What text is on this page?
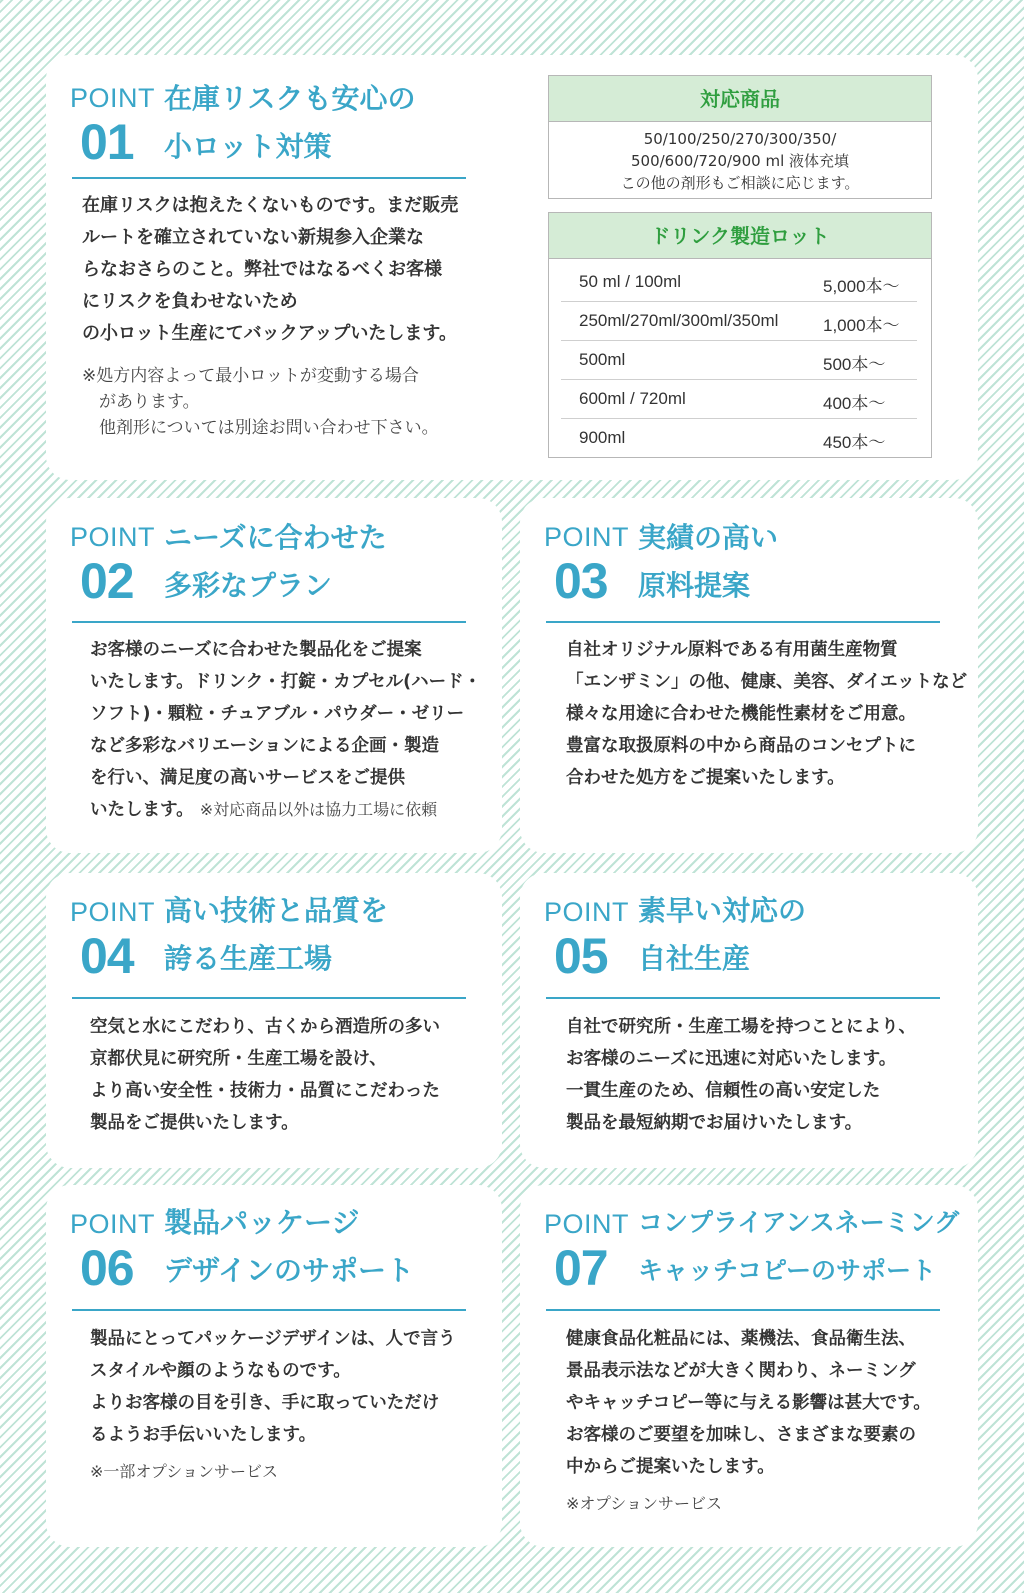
POINT
01
在庫リスクも安心の
小ロット対策
在庫リスクは抱えたくないものです。まだ販売
ルートを確立されていない新規参入企業な
らなおさらのこと。弊社ではなるべくお客様
にリスクを負わせないため
の小ロット生産にてバックアップいたします。
※処方内容よって最小ロットが変動する場合
　があります。
　他剤形については別途お問い合わせ下さい。
対応商品
50/100/250/270/300/350/
500/600/720/900 ml 液体充填
この他の剤形もご相談に応じます。
ドリンク製造ロット
50 ml / 100ml	5,000本〜
250ml/270ml/300ml/350ml	1,000本〜
500ml	500本〜
600ml / 720ml	400本〜
900ml	450本〜
POINT
02
ニーズに合わせた
多彩なプラン
お客様のニーズに合わせた製品化をご提案
いたします。ドリンク・打錠・カプセル(ハード・
ソフト)・顆粒・チュアブル・パウダー・ゼリー
など多彩なバリエーションによる企画・製造
を行い、満足度の高いサービスをご提供
いたします。 ※対応商品以外は協力工場に依頼
POINT
03
実績の高い
原料提案
自社オリジナル原料である有用菌生産物質
「エンザミン」の他、健康、美容、ダイエットなど
様々な用途に合わせた機能性素材をご用意。
豊富な取扱原料の中から商品のコンセプトに
合わせた処方をご提案いたします。
POINT
04
高い技術と品質を
誇る生産工場
空気と水にこだわり、古くから酒造所の多い
京都伏見に研究所・生産工場を設け、
より高い安全性・技術力・品質にこだわった
製品をご提供いたします。
POINT
05
素早い対応の
自社生産
自社で研究所・生産工場を持つことにより、
お客様のニーズに迅速に対応いたします。
一貫生産のため、信頼性の高い安定した
製品を最短納期でお届けいたします。
POINT
06
製品パッケージ
デザインのサポート
製品にとってパッケージデザインは、人で言う
スタイルや顔のようなものです。
よりお客様の目を引き、手に取っていただけ
るようお手伝いいたします。
※一部オプションサービス
POINT
07
コンプライアンスネーミング
キャッチコピーのサポート
健康食品化粧品には、薬機法、食品衛生法、
景品表示法などが大きく関わり、ネーミング
やキャッチコピー等に与える影響は甚大です。
お客様のご要望を加味し、さまざまな要素の
中からご提案いたします。
※オプションサービス
